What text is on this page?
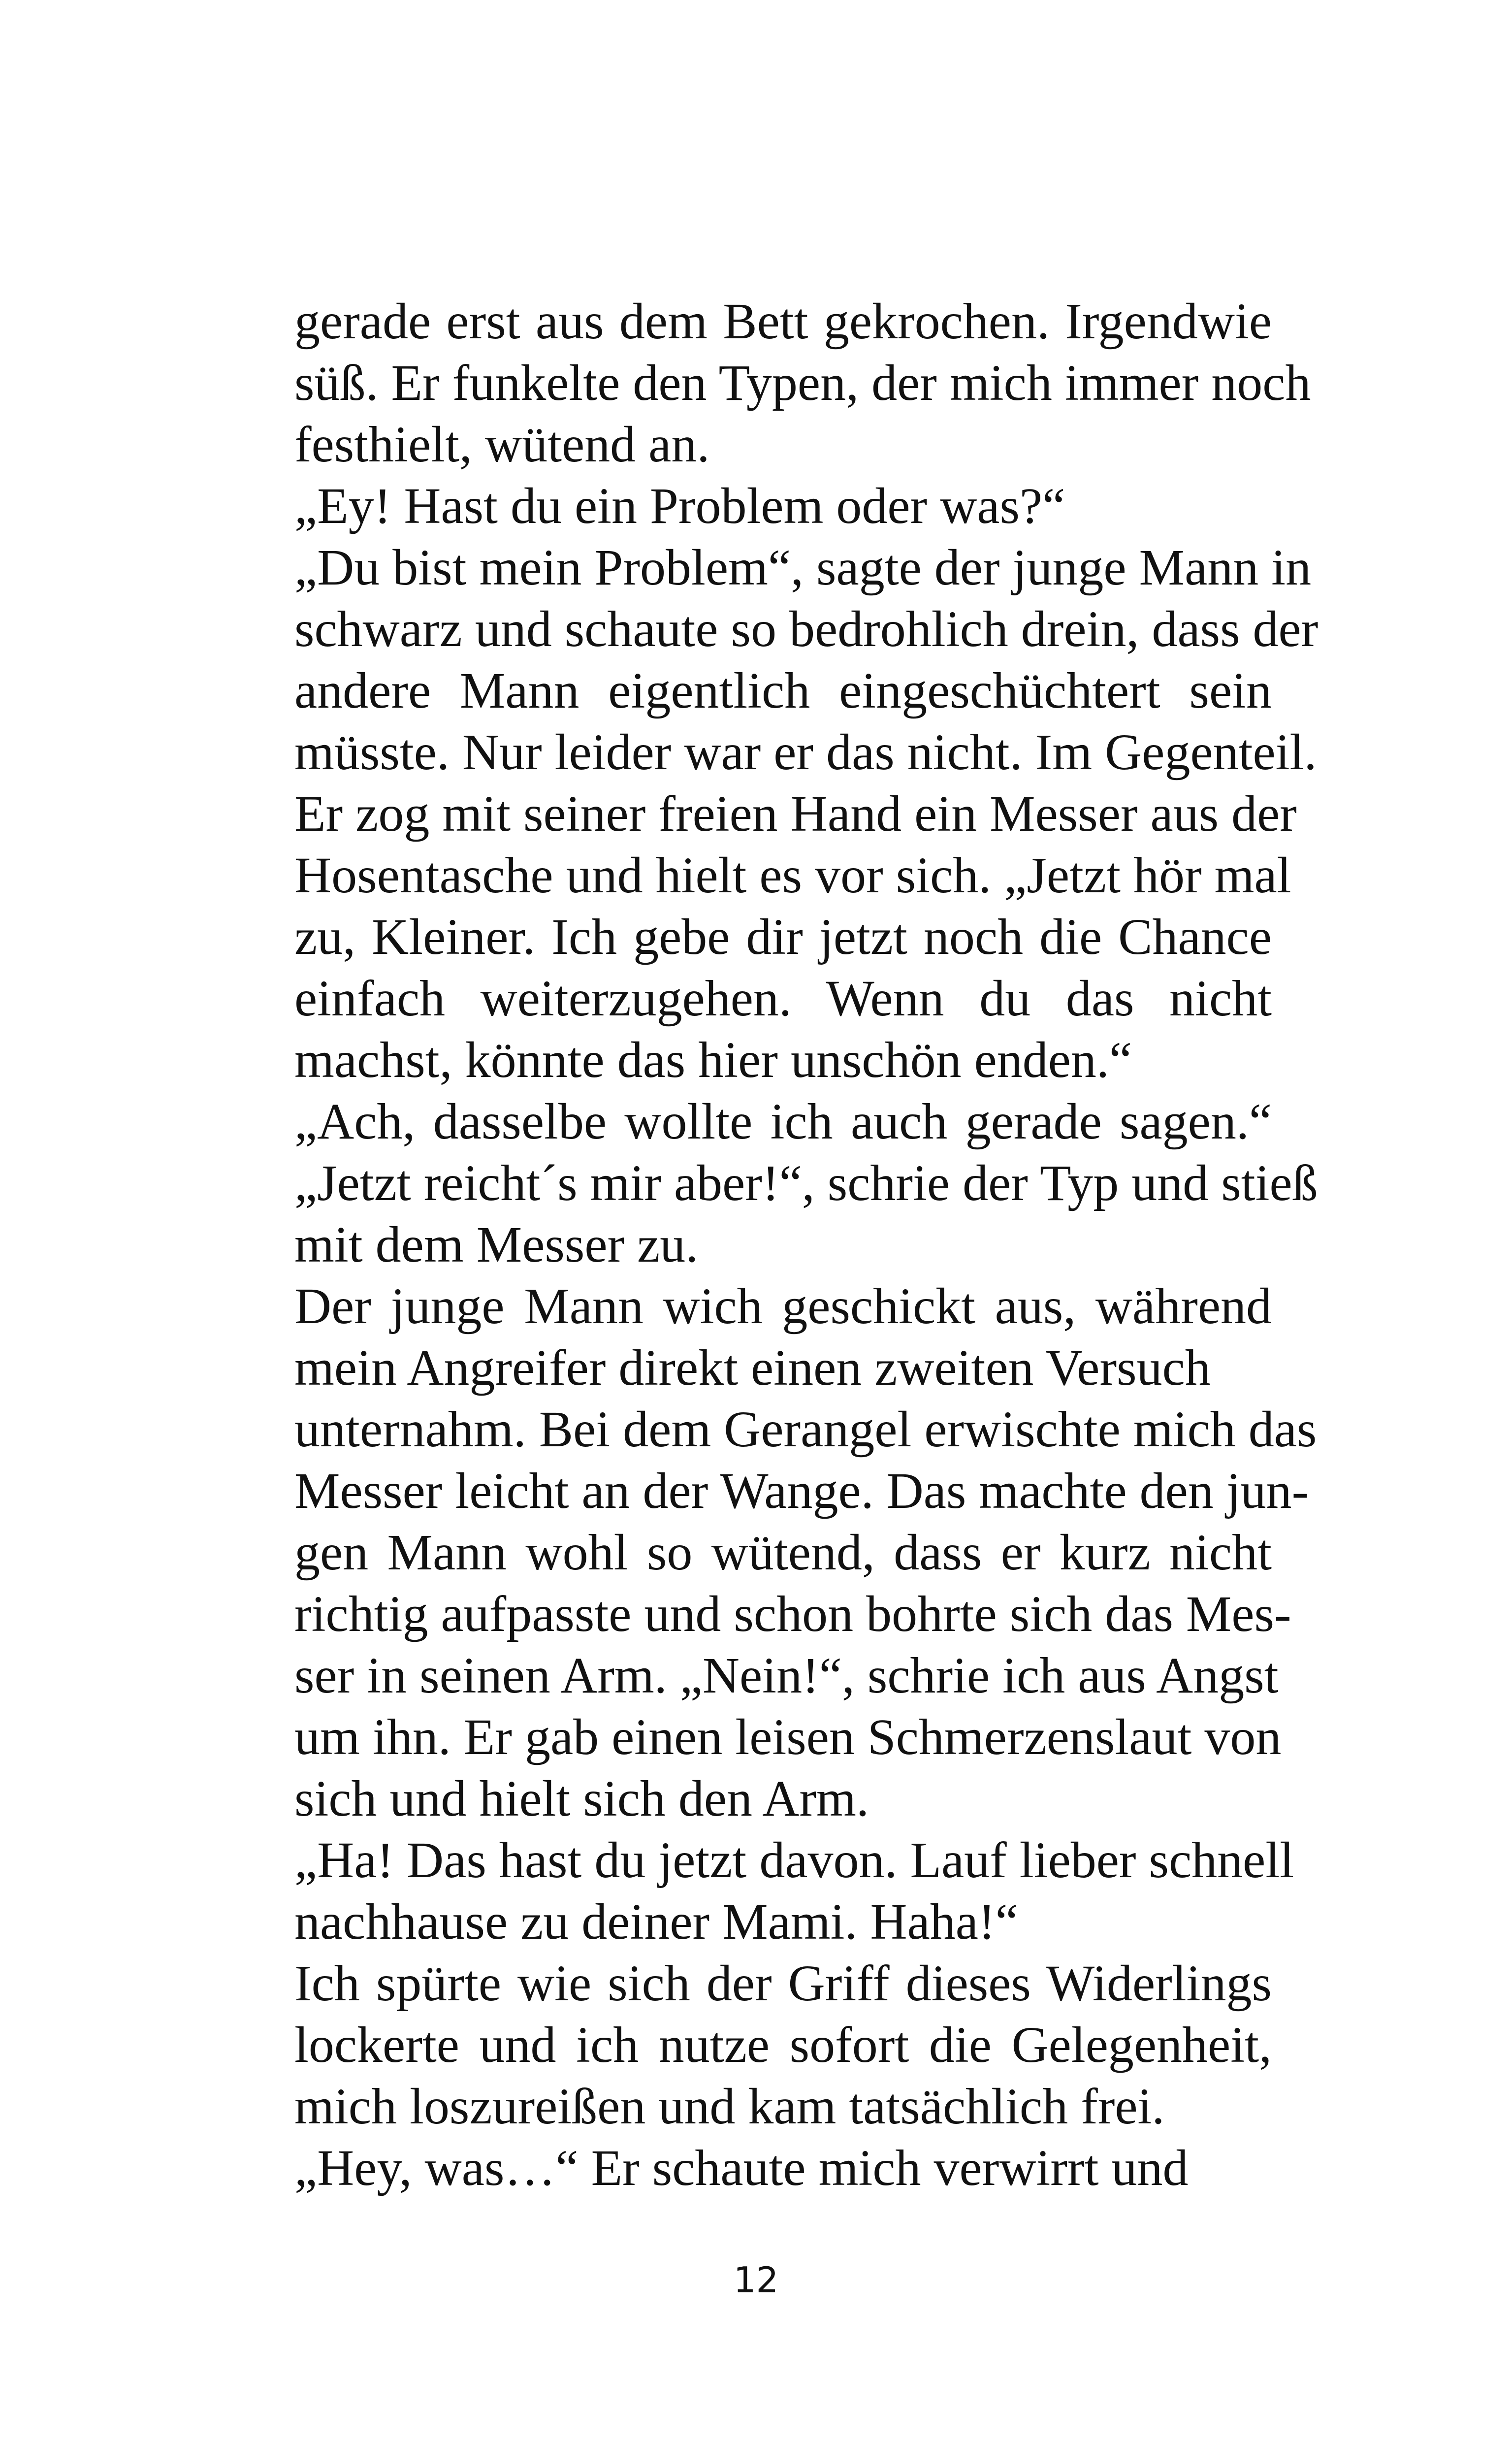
gerade erst aus dem Bett gekrochen. Irgendwie
süß. Er funkelte den Typen, der mich immer noch
festhielt, wütend an.
„Ey! Hast du ein Problem oder was?“
„Du bist mein Problem“, sagte der junge Mann in
schwarz und schaute so bedrohlich drein, dass der
andere Mann eigentlich eingeschüchtert sein
müsste. Nur leider war er das nicht. Im Gegenteil.
Er zog mit seiner freien Hand ein Messer aus der
Hosentasche und hielt es vor sich. „Jetzt hör mal
zu, Kleiner. Ich gebe dir jetzt noch die Chance
einfach weiterzugehen. Wenn du das nicht
machst, könnte das hier unschön enden.“
„Ach, dasselbe wollte ich auch gerade sagen.“
„Jetzt reicht´s mir aber!“, schrie der Typ und stieß
mit dem Messer zu.
Der junge Mann wich geschickt aus, während
mein Angreifer direkt einen zweiten Versuch
unternahm. Bei dem Gerangel erwischte mich das
Messer leicht an der Wange. Das machte den jun-
gen Mann wohl so wütend, dass er kurz nicht
richtig aufpasste und schon bohrte sich das Mes-
ser in seinen Arm. „Nein!“, schrie ich aus Angst
um ihn. Er gab einen leisen Schmerzenslaut von
sich und hielt sich den Arm.
„Ha! Das hast du jetzt davon. Lauf lieber schnell
nachhause zu deiner Mami. Haha!“
Ich spürte wie sich der Griff dieses Widerlings
lockerte und ich nutze sofort die Gelegenheit,
mich loszureißen und kam tatsächlich frei.
„Hey, was…“ Er schaute mich verwirrt und
12
